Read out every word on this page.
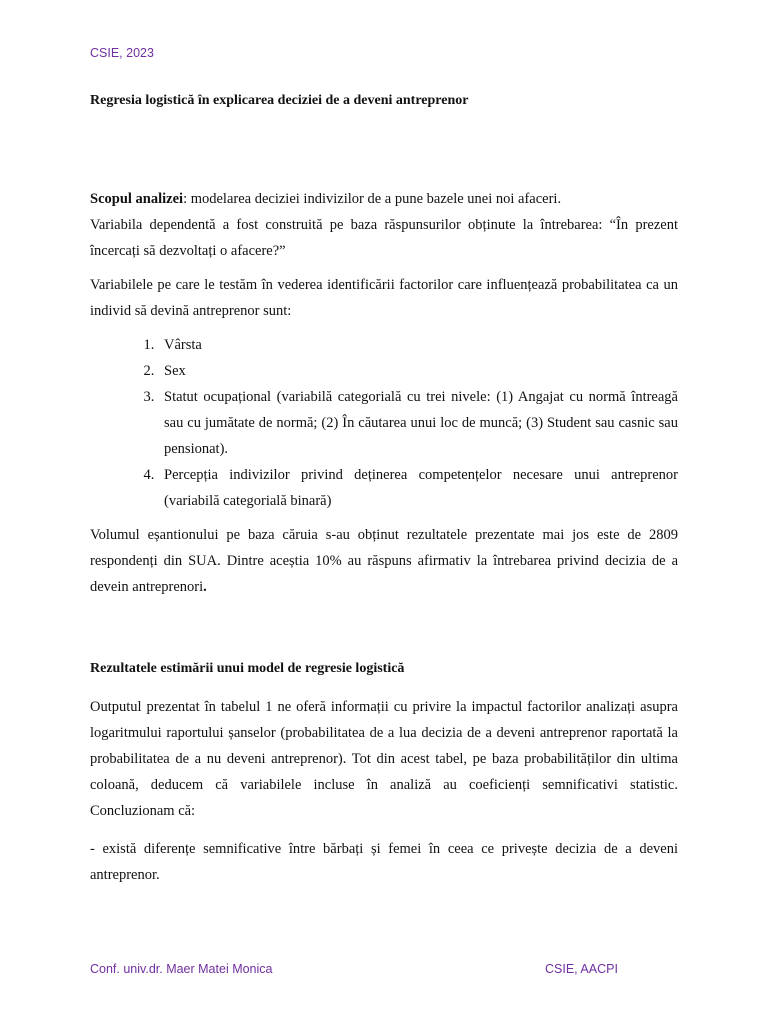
CSIE, 2023
Regresia logistică în explicarea deciziei de a deveni antreprenor

Scopul analizei: modelarea deciziei indivizilor de a pune bazele unei noi afaceri.

Variabila dependentă a fost construită pe baza răspunsurilor obținute la întrebarea: “În prezent încercați să dezvoltați o afacere?”

Variabilele pe care le testăm în vederea identificării factorilor care influențează probabilitatea ca un individ să devină antreprenor sunt:

1. Vârsta
2. Sex
3. Statut ocupațional (variabilă categorială cu trei nivele: (1) Angajat cu normă întreagă sau cu jumătate de normă; (2) În căutarea unui loc de muncă; (3) Student sau casnic sau pensionat).
4. Percepția indivizilor privind deținerea competențelor necesare unui antreprenor (variabilă categorială binară)

Volumul eșantionului pe baza căruia s-au obținut rezultatele prezentate mai jos este de 2809 respondenți din SUA. Dintre aceștia 10% au răspuns afirmativ la întrebarea privind decizia de a devein antreprenori.

Rezultatele estimării unui model de regresie logistică

Outputul prezentat în tabelul 1 ne oferă informații cu privire la impactul factorilor analizați asupra logaritmului raportului șanselor (probabilitatea de a lua decizia de a deveni antreprenor raportată la probabilitatea de a nu deveni antreprenor). Tot din acest tabel, pe baza probabilităților din ultima coloană, deducem că variabilele incluse în analiză au coeficienți semnificativi statistic. Concluzionam că:

- există diferențe semnificative între bărbați și femei în ceea ce privește decizia de a deveni antreprenor.

Conf. univ.dr. Maer Matei Monica	CSIE, AACPI
